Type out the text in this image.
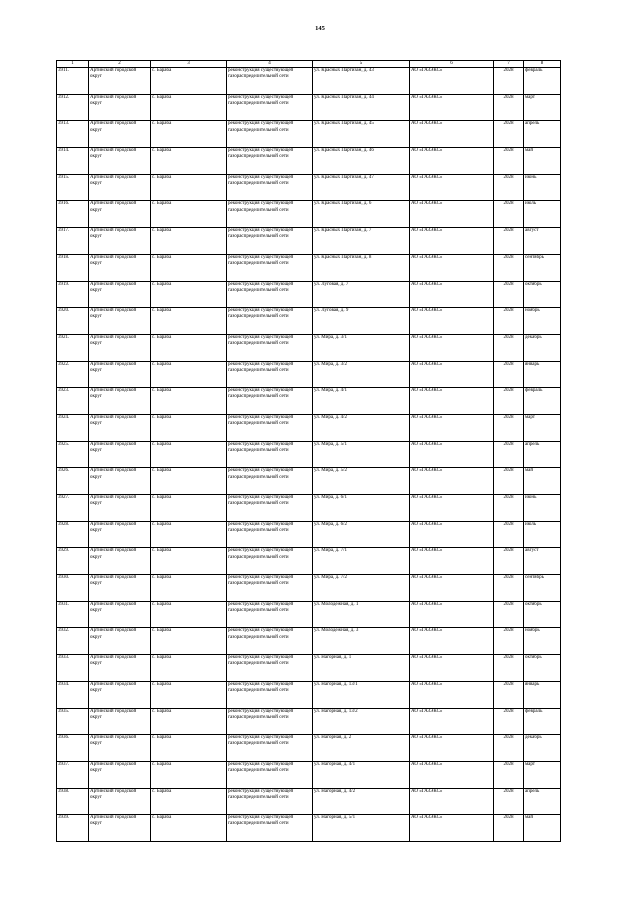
145
1	2	3	4	5	6	7	8
3911.	Артинский городской округ	с. Бараба	реконструкция существующей газораспределительной сети	ул. Красных Партизан, д. 43	АО «ГАЗЭКС»	2028	февраль
3912.	Артинский городской округ	с. Бараба	реконструкция существующей газораспределительной сети	ул. Красных Партизан, д. 44	АО «ГАЗЭКС»	2028	март
3913.	Артинский городской округ	с. Бараба	реконструкция существующей газораспределительной сети	ул. Красных Партизан, д. 45	АО «ГАЗЭКС»	2028	апрель
3914.	Артинский городской округ	с. Бараба	реконструкция существующей газораспределительной сети	ул. Красных Партизан, д. 46	АО «ГАЗЭКС»	2028	май
3915.	Артинский городской округ	с. Бараба	реконструкция существующей газораспределительной сети	ул. Красных Партизан, д. 47	АО «ГАЗЭКС»	2028	июнь
3916.	Артинский городской округ	с. Бараба	реконструкция существующей газораспределительной сети	ул. Красных Партизан, д. 6	АО «ГАЗЭКС»	2028	июль
3917.	Артинский городской округ	с. Бараба	реконструкция существующей газораспределительной сети	ул. Красных Партизан, д. 7	АО «ГАЗЭКС»	2028	август
3918.	Артинский городской округ	с. Бараба	реконструкция существующей газораспределительной сети	ул. Красных Партизан, д. 8	АО «ГАЗЭКС»	2028	сентябрь
3919.	Артинский городской округ	с. Бараба	реконструкция существующей газораспределительной сети	ул. Луговая, д. 7	АО «ГАЗЭКС»	2028	октябрь
3920.	Артинский городской округ	с. Бараба	реконструкция существующей газораспределительной сети	ул. Луговая, д. 9	АО «ГАЗЭКС»	2028	ноябрь
3921.	Артинский городской округ	с. Бараба	реконструкция существующей газораспределительной сети	ул. Мира, д. 3/1	АО «ГАЗЭКС»	2028	декабрь
3922.	Артинский городской округ	с. Бараба	реконструкция существующей газораспределительной сети	ул. Мира, д. 3/2	АО «ГАЗЭКС»	2028	январь
3923.	Артинский городской округ	с. Бараба	реконструкция существующей газораспределительной сети	ул. Мира, д. 4/1	АО «ГАЗЭКС»	2028	февраль
3924.	Артинский городской округ	с. Бараба	реконструкция существующей газораспределительной сети	ул. Мира, д. 4/2	АО «ГАЗЭКС»	2028	март
3925.	Артинский городской округ	с. Бараба	реконструкция существующей газораспределительной сети	ул. Мира, д. 5/1	АО «ГАЗЭКС»	2028	апрель
3926.	Артинский городской округ	с. Бараба	реконструкция существующей газораспределительной сети	ул. Мира, д. 5/2	АО «ГАЗЭКС»	2028	май
3927.	Артинский городской округ	с. Бараба	реконструкция существующей газораспределительной сети	ул. Мира, д. 6/1	АО «ГАЗЭКС»	2028	июнь
3928.	Артинский городской округ	с. Бараба	реконструкция существующей газораспределительной сети	ул. Мира, д. 6/2	АО «ГАЗЭКС»	2028	июль
3929.	Артинский городской округ	с. Бараба	реконструкция существующей газораспределительной сети	ул. Мира, д. 7/1	АО «ГАЗЭКС»	2028	август
3930.	Артинский городской округ	с. Бараба	реконструкция существующей газораспределительной сети	ул. Мира, д. 7/2	АО «ГАЗЭКС»	2028	сентябрь
3931.	Артинский городской округ	с. Бараба	реконструкция существующей газораспределительной сети	ул. Молодежная, д. 1	АО «ГАЗЭКС»	2028	октябрь
3932.	Артинский городской округ	с. Бараба	реконструкция существующей газораспределительной сети	ул. Молодежная, д. 3	АО «ГАЗЭКС»	2028	ноябрь
3933.	Артинский городской округ	с. Бараба	реконструкция существующей газораспределительной сети	ул. Нагорная, д. 1	АО «ГАЗЭКС»	2028	октябрь
3934.	Артинский городской округ	с. Бараба	реконструкция существующей газораспределительной сети	ул. Нагорная, д. 13/1	АО «ГАЗЭКС»	2028	январь
3935.	Артинский городской округ	с. Бараба	реконструкция существующей газораспределительной сети	ул. Нагорная, д. 13/2	АО «ГАЗЭКС»	2028	февраль
3936.	Артинский городской округ	с. Бараба	реконструкция существующей газораспределительной сети	ул. Нагорная, д. 2	АО «ГАЗЭКС»	2028	декабрь
3937.	Артинский городской округ	с. Бараба	реконструкция существующей газораспределительной сети	ул. Нагорная, д. 4/1	АО «ГАЗЭКС»	2028	март
3938.	Артинский городской округ	с. Бараба	реконструкция существующей газораспределительной сети	ул. Нагорная, д. 4/2	АО «ГАЗЭКС»	2028	апрель
3939.	Артинский городской округ	с. Бараба	реконструкция существующей газораспределительной сети	ул. Нагорная, д. 5/1	АО «ГАЗЭКС»	2028	май
